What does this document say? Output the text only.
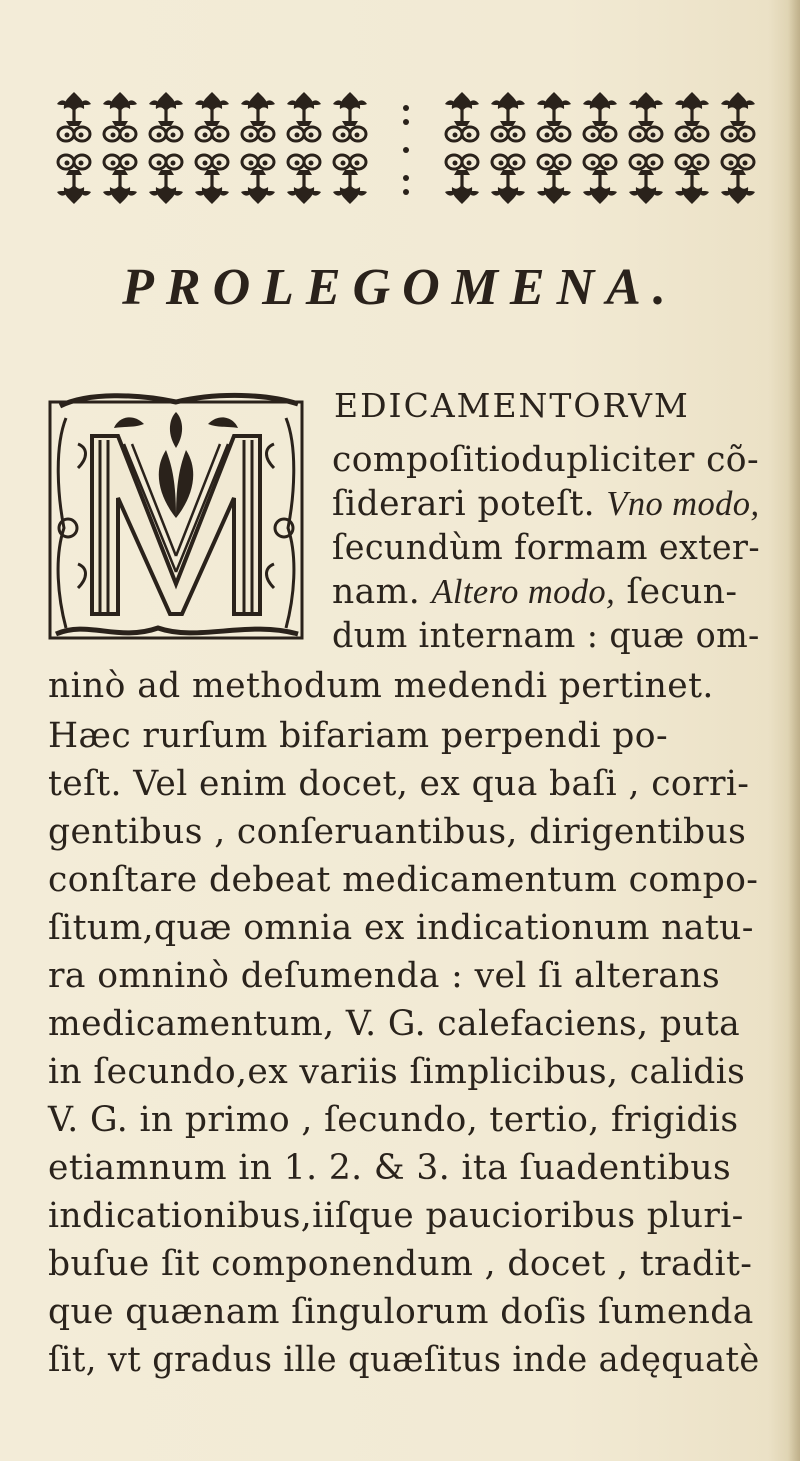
PROLEGOMENA.

EDICAMENTORVM

compoſitiodupliciter cõ-

ſiderari poteſt. Vno modo,

ſecundùm formam exter-

nam. Altero modo, ſecun-

dum internam : quæ om-

ninò ad methodum medendi pertinet.

Hæc rurſum bifariam perpendi po-

teſt. Vel enim docet, ex qua baſi , corri-

gentibus , conſeruantibus, dirigentibus

conſtare debeat medicamentum compo-

ſitum,quæ omnia ex indicationum natu-

ra omninò deſumenda : vel ſi alterans

medicamentum, V. G. calefaciens, puta

in ſecundo,ex variis ſimplicibus, calidis

V. G. in primo , ſecundo, tertio, frigidis

etiamnum in 1. 2. & 3. ita ſuadentibus

indicationibus,iiſque paucioribus pluri-

buſue ſit componendum , docet , tradit-

que quænam ſingulorum doſis ſumenda

ſit, vt gradus ille quæſitus inde adęquatè
